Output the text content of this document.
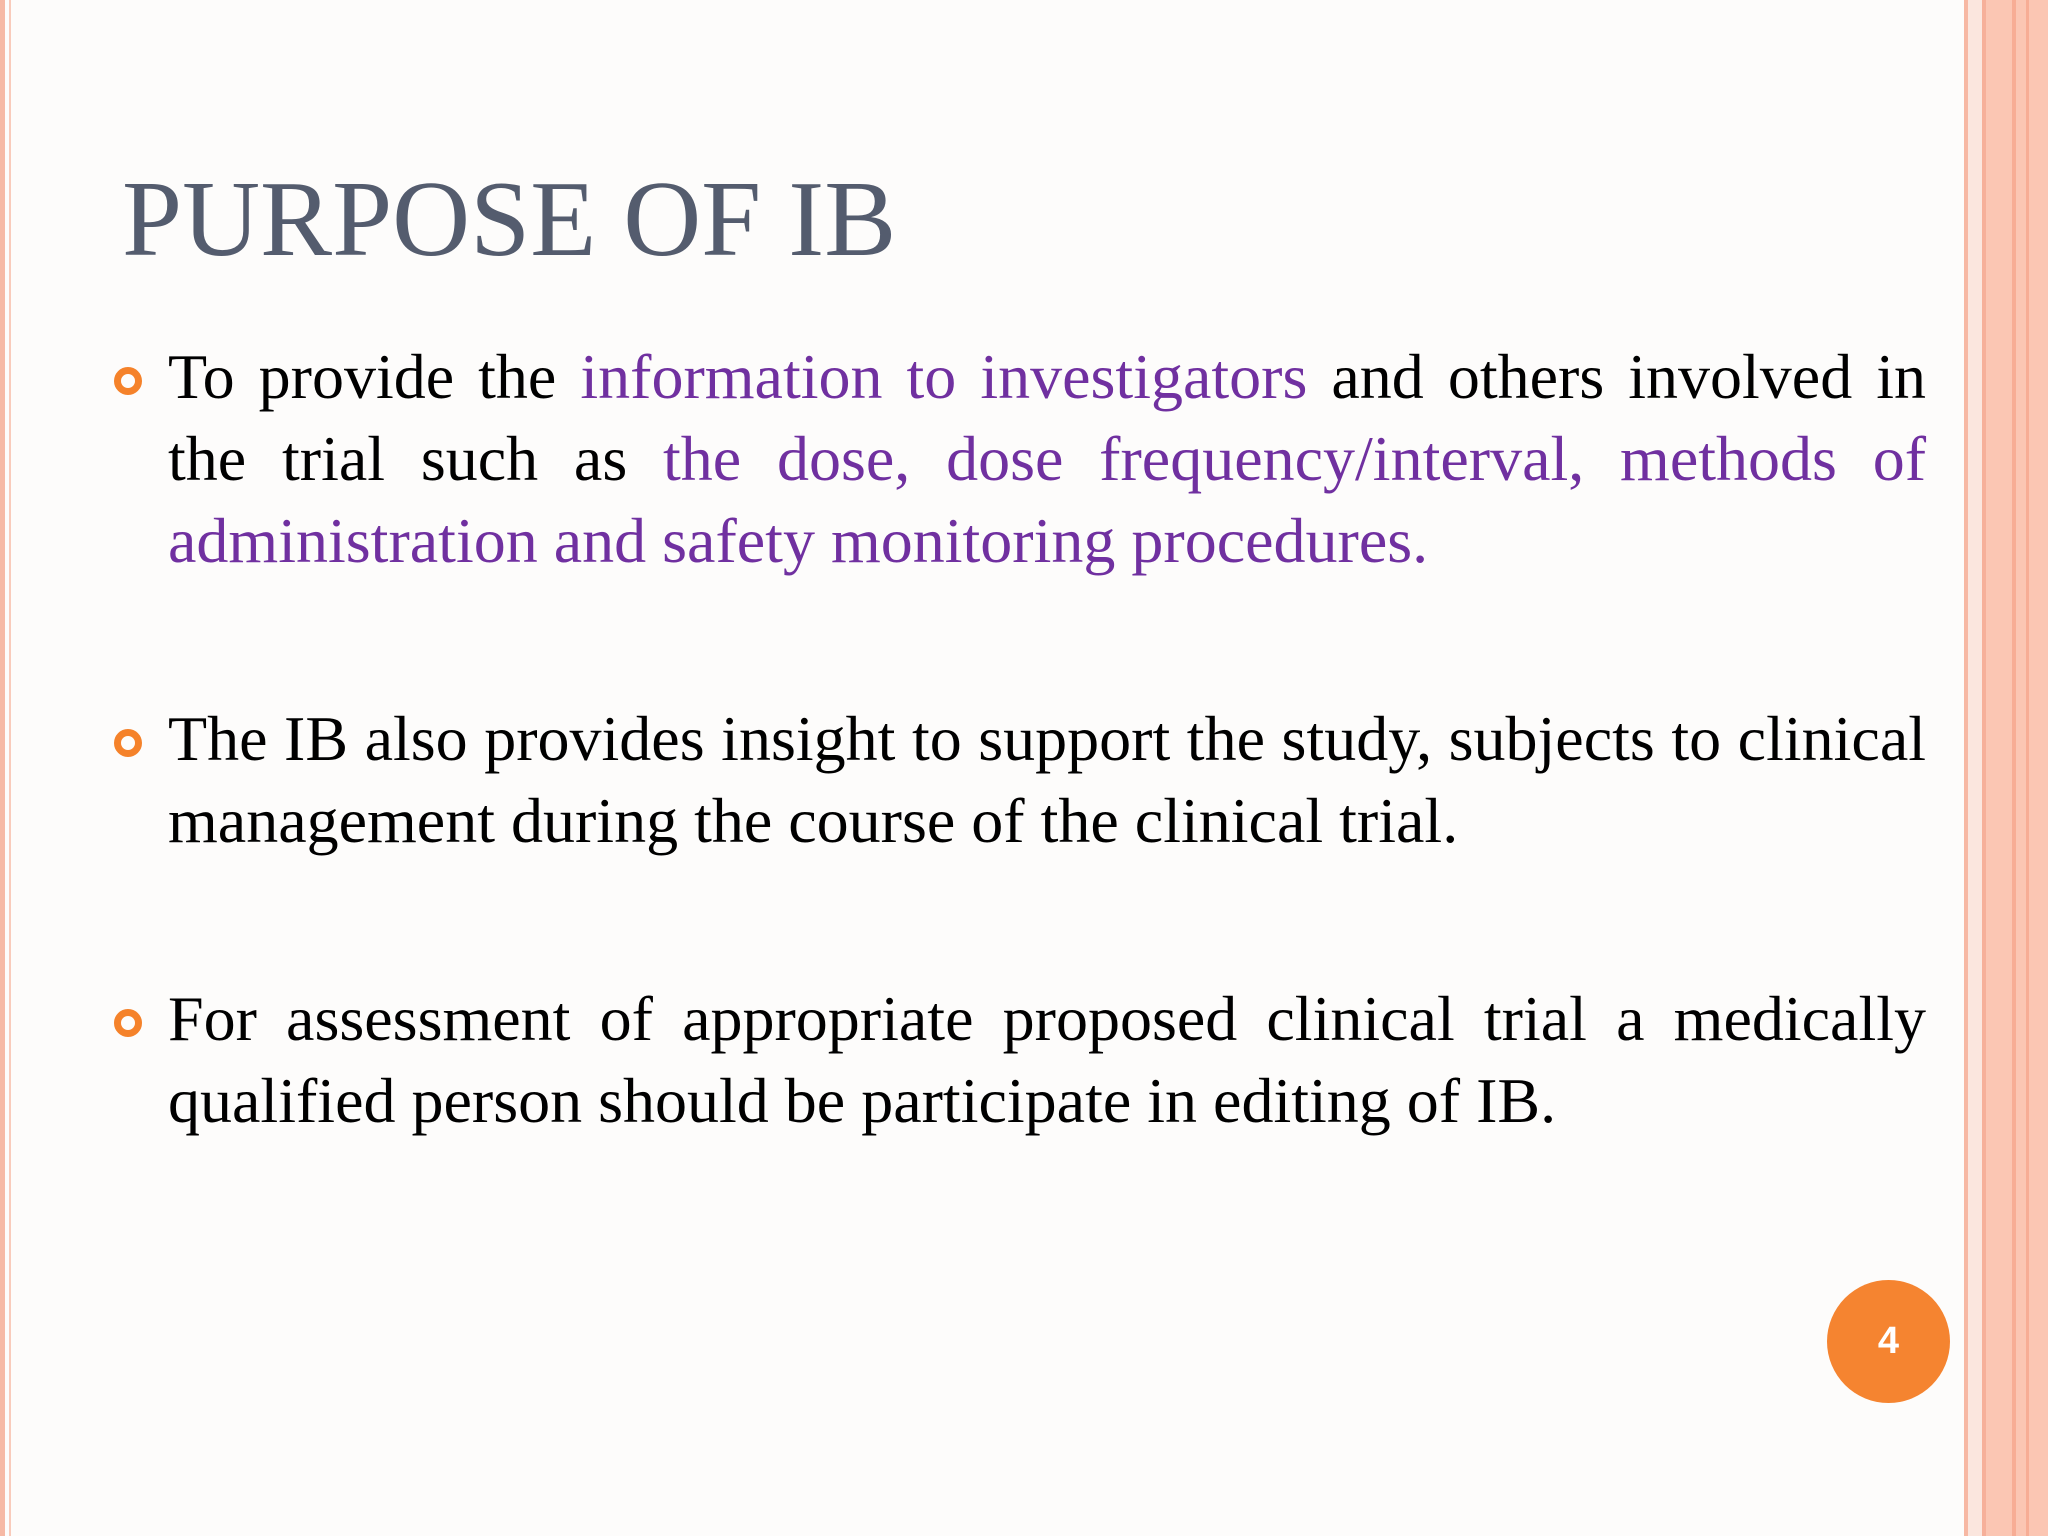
PURPOSE OF IB
To provide the information to investigators and others involved in the trial such as the dose, dose frequency/interval, methods of administration and safety monitoring procedures.
The IB also provides insight to support the study, subjects to clinical management during the course of the clinical trial.
For assessment of appropriate proposed clinical trial a medically qualified person should be participate in editing of IB.
4
